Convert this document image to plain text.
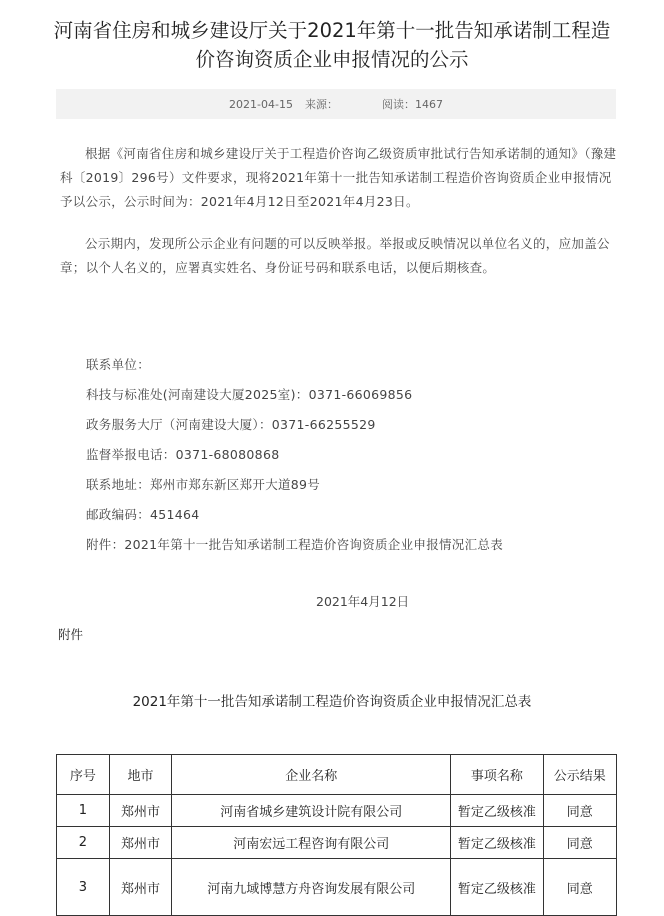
河南省住房和城乡建设厅关于2021年第十一批告知承诺制工程造价咨询资质企业申报情况的公示
2021-04-15 来源：	阅读：1467
根据《河南省住房和城乡建设厅关于工程造价咨询乙级资质审批试行告知承诺制的通知》（豫建科〔2019〕296号）文件要求，现将2021年第十一批告知承诺制工程造价咨询资质企业申报情况予以公示，公示时间为：2021年4月12日至2021年4月23日。
公示期内，发现所公示企业有问题的可以反映举报。举报或反映情况以单位名义的，应加盖公章；以个人名义的，应署真实姓名、身份证号码和联系电话，以便后期核查。
联系单位：
科技与标准处(河南建设大厦2025室)：0371-66069856
政务服务大厅（河南建设大厦）：0371-66255529
监督举报电话：0371-68080868
联系地址：郑州市郑东新区郑开大道89号
邮政编码：451464
附件：2021年第十一批告知承诺制工程造价咨询资质企业申报情况汇总表
2021年4月12日
附件
2021年第十一批告知承诺制工程造价咨询资质企业申报情况汇总表
序号	地市	企业名称	事项名称	公示结果
1	郑州市	河南省城乡建筑设计院有限公司	暂定乙级核准	同意
2	郑州市	河南宏远工程咨询有限公司	暂定乙级核准	同意
3	郑州市	河南九域博慧方舟咨询发展有限公司	暂定乙级核准	同意
